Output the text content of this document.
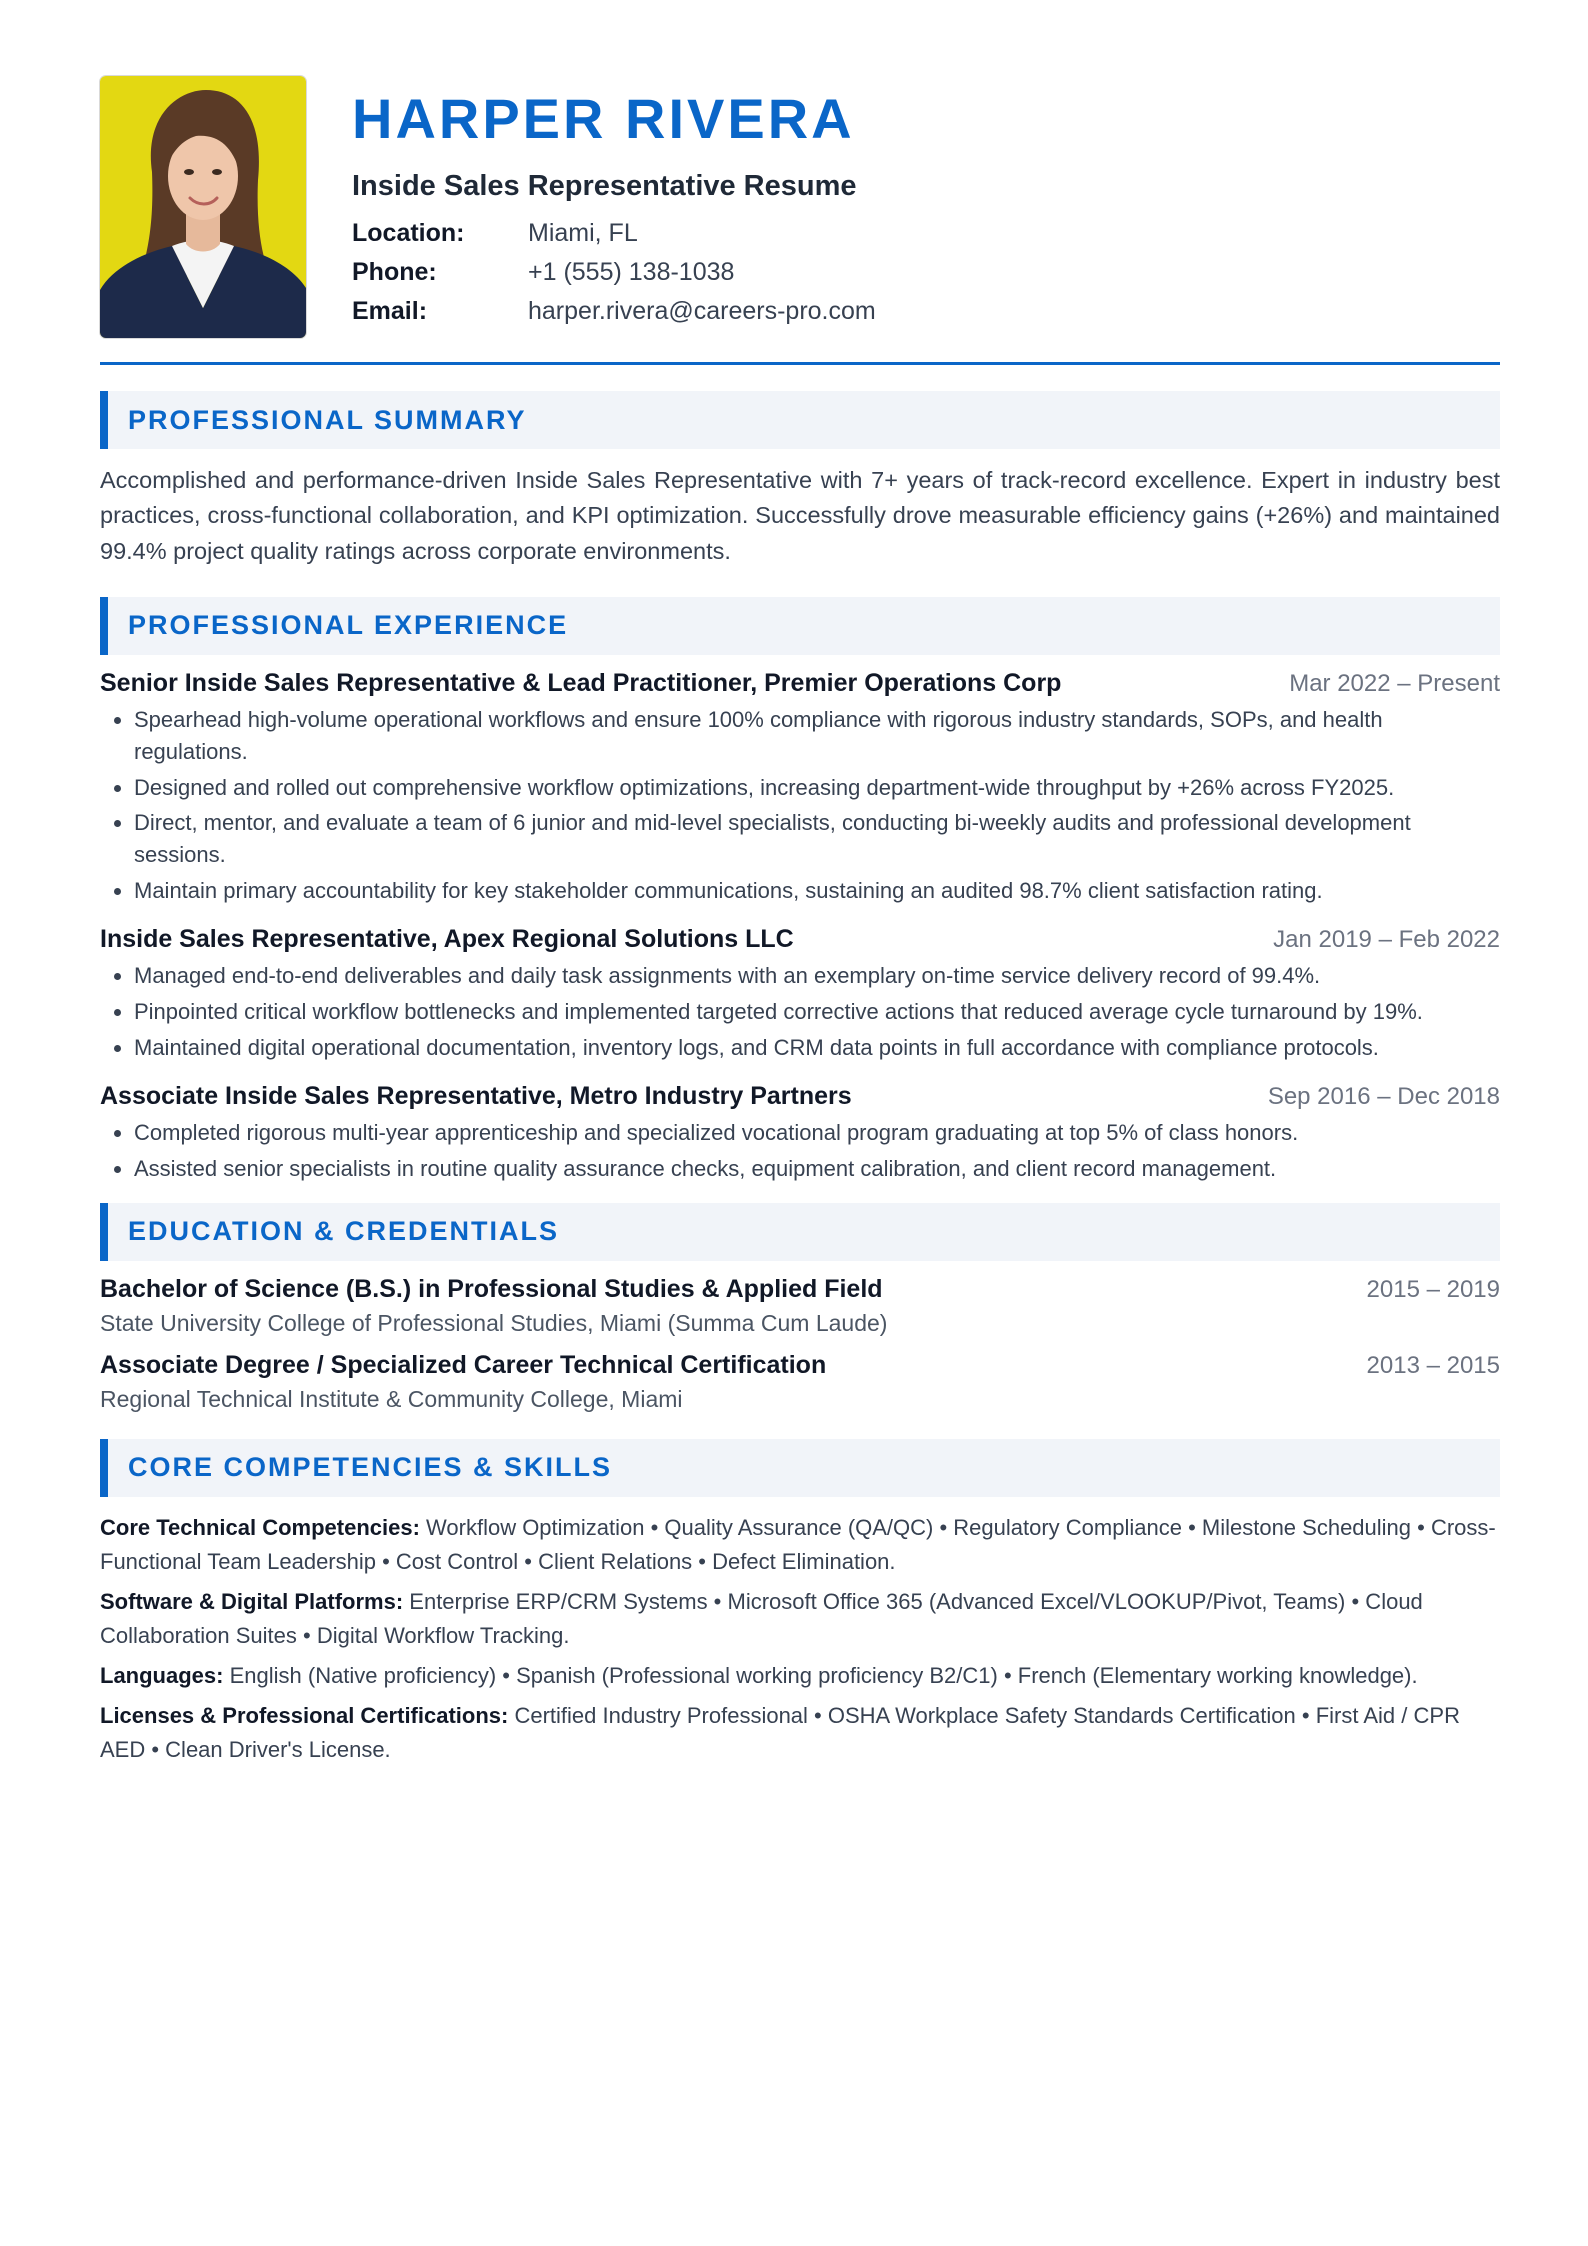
HARPER RIVERA
Inside Sales Representative Resume
Location:	Miami, FL
Phone:	+1 (555) 138-1038
Email:	harper.rivera@careers-pro.com
PROFESSIONAL SUMMARY

Accomplished and performance-driven Inside Sales Representative with 7+ years of track-record excellence. Expert in industry best practices, cross-functional collaboration, and KPI optimization. Successfully drove measurable efficiency gains (+26%) and maintained 99.4% project quality ratings across corporate environments.

PROFESSIONAL EXPERIENCE
Senior Inside Sales Representative & Lead Practitioner, Premier Operations Corp	Mar 2022 – Present
• Spearhead high-volume operational workflows and ensure 100% compliance with rigorous industry standards, SOPs, and health regulations.
• Designed and rolled out comprehensive workflow optimizations, increasing department-wide throughput by +26% across FY2025.
• Direct, mentor, and evaluate a team of 6 junior and mid-level specialists, conducting bi-weekly audits and professional development sessions.
• Maintain primary accountability for key stakeholder communications, sustaining an audited 98.7% client satisfaction rating.
Inside Sales Representative, Apex Regional Solutions LLC	Jan 2019 – Feb 2022
• Managed end-to-end deliverables and daily task assignments with an exemplary on-time service delivery record of 99.4%.
• Pinpointed critical workflow bottlenecks and implemented targeted corrective actions that reduced average cycle turnaround by 19%.
• Maintained digital operational documentation, inventory logs, and CRM data points in full accordance with compliance protocols.
Associate Inside Sales Representative, Metro Industry Partners	Sep 2016 – Dec 2018
• Completed rigorous multi-year apprenticeship and specialized vocational program graduating at top 5% of class honors.
• Assisted senior specialists in routine quality assurance checks, equipment calibration, and client record management.
EDUCATION & CREDENTIALS
Bachelor of Science (B.S.) in Professional Studies & Applied Field	2015 – 2019
State University College of Professional Studies, Miami (Summa Cum Laude)
Associate Degree / Specialized Career Technical Certification	2013 – 2015
Regional Technical Institute & Community College, Miami
CORE COMPETENCIES & SKILLS
Core Technical Competencies: Workflow Optimization • Quality Assurance (QA/QC) • Regulatory Compliance • Milestone Scheduling • Cross-Functional Team Leadership • Cost Control • Client Relations • Defect Elimination.
Software & Digital Platforms: Enterprise ERP/CRM Systems • Microsoft Office 365 (Advanced Excel/VLOOKUP/Pivot, Teams) • Cloud Collaboration Suites • Digital Workflow Tracking.
Languages: English (Native proficiency) • Spanish (Professional working proficiency B2/C1) • French (Elementary working knowledge).
Licenses & Professional Certifications: Certified Industry Professional • OSHA Workplace Safety Standards Certification • First Aid / CPR AED • Clean Driver's License.
